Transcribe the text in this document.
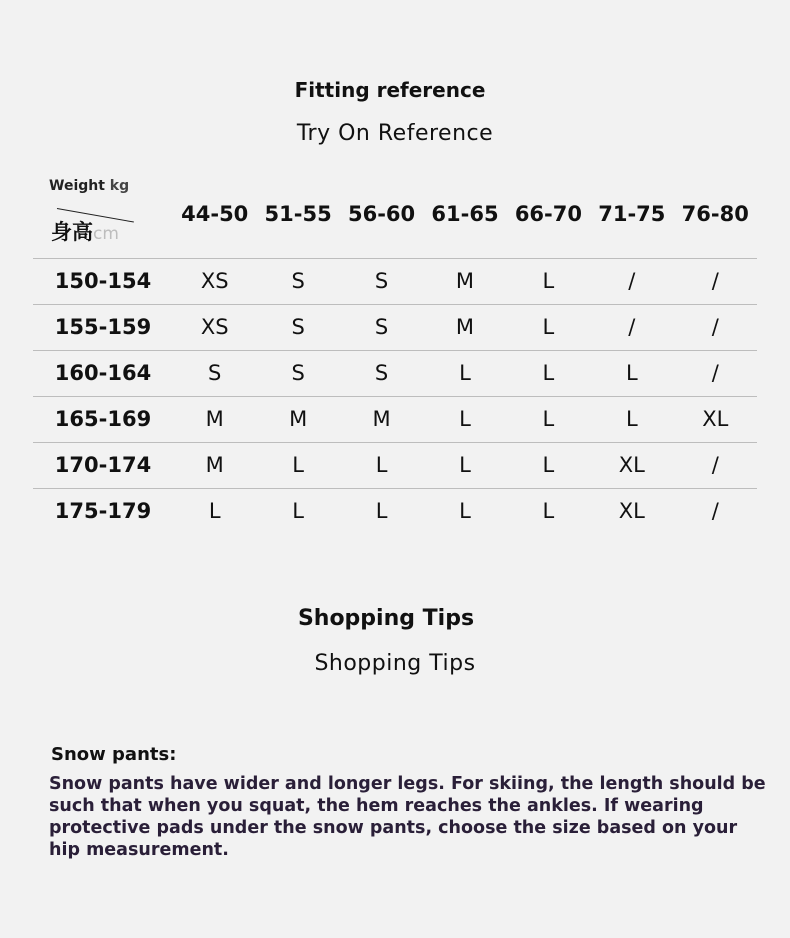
Fitting reference
Try On Reference
Weight kg
身高cm	44-50	51-55	56-60	61-65	66-70	71-75	76-80
150-154	XS	S	S	M	L	/	/
155-159	XS	S	S	M	L	/	/
160-164	S	S	S	L	L	L	/
165-169	M	M	M	L	L	L	XL
170-174	M	L	L	L	L	XL	/
175-179	L	L	L	L	L	XL	/
Shopping Tips
Shopping Tips
Snow pants:

Snow pants have wider and longer legs. For skiing, the length should be such that when you squat, the hem reaches the ankles. If wearing protective pads under the snow pants, choose the size based on your hip measurement.
